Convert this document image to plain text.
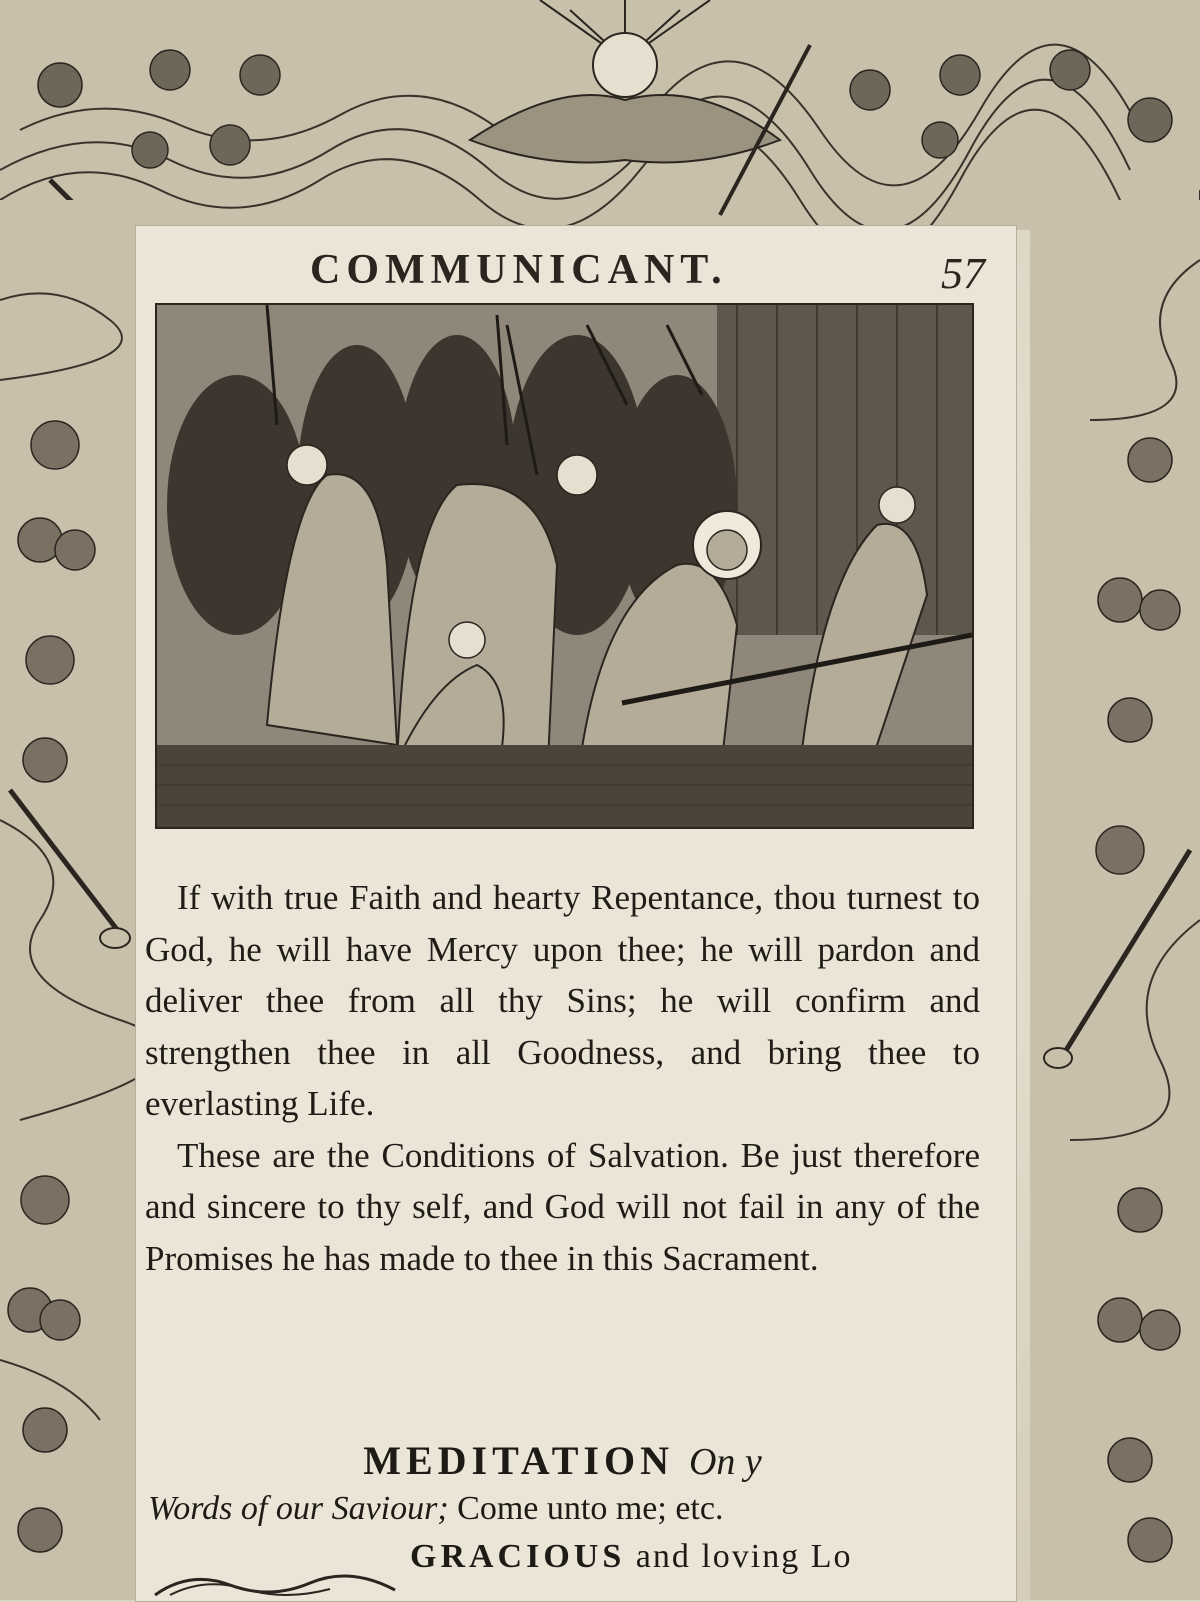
COMMUNICANT.	57

If with true Faith and hearty Repentance, thou turnest to God, he will have Mercy upon thee; he will pardon and deliver thee from all thy Sins; he will confirm and strengthen thee in all Goodness, and bring thee to everlasting Life.

These are the Conditions of Salvation. Be just therefore and sincere to thy self, and God will not fail in any of the Promises he has made to thee in this Sacrament.

MEDITATION On y
Words of our Saviour; Come unto me; etc.
GRACIOUS and loving Lo
